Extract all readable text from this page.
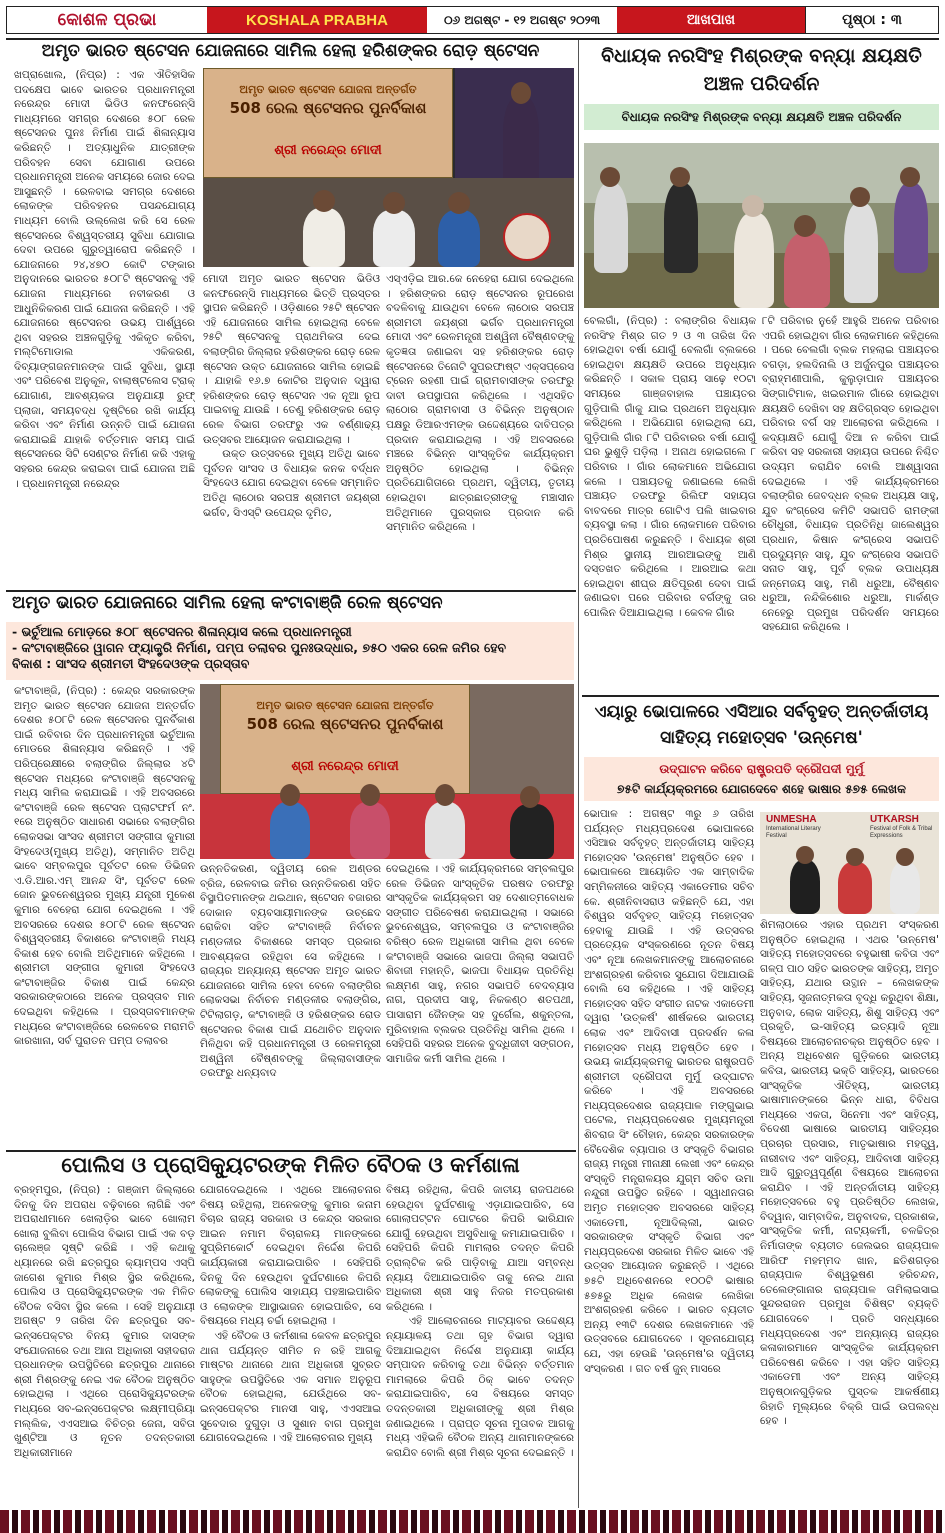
କୋଶଳ ପ୍ରଭା	KOSHALA PRABHA	୦୬ ଅଗଷ୍ଟ - ୧୨ ଅଗଷ୍ଟ ୨୦୨୩	ଆଖପାଖ	ପୃଷ୍ଠା : ୩
ଅମୃତ ଭାରତ ଷ୍ଟେସନ ଯୋଜନାରେ ସାମିଲ ହେଲା ହରିଶଙ୍କର ରୋଡ଼ ଷ୍ଟେସନ
ଖପ୍ରାଖୋଲ, (ନିପ୍ର) : ଏକ ଐତିହାସିକ ପଦକ୍ଷେପ ଭାବେ ଭାରତର ପ୍ରଧାନମନ୍ତ୍ରୀ ନରେନ୍ଦ୍ର ମୋଦୀ ଭିଡିଓ କନଫରେନ୍ସି ମାଧ୍ୟମରେ ସମଗ୍ର ଦେଶରେ ୫୦୮ ରେଳ ଷ୍ଟେସନର ପୁନଃ ନିର୍ମାଣ ପାଇଁ ଶିଳାନ୍ୟାସ କରିଛନ୍ତି । ଅତ୍ୟାଧୁନିକ ଯାତ୍ରୀଙ୍କ ପରିବହନ ସେବା ଯୋଗାଣ ଉପରେ ପ୍ରଧାନମନ୍ତ୍ରୀ ଅନେକ ସମୟରେ ଜୋର ଦେଇ ଆସୁଛନ୍ତି । ରେଳବାଇ ସମଗ୍ର ଦେଶରେ ଲୋକଙ୍କ ପରିବହନର ପସନ୍ଦଯୋଗ୍ୟ ମାଧ୍ୟମ ବୋଲି ଉଲ୍ଲେଖ କରି ସେ ରେଳ ଷ୍ଟେସନରେ ବିଶ୍ୱସ୍ତରୀୟ ସୁବିଧା ଯୋଗାଇ ଦେବା ଉପରେ ଗୁରୁତ୍ୱାରୋପ କରିଛନ୍ତି । ଯୋଜନାରେ ୨୪,୪୭୦ କୋଟି ଟଙ୍କାର ଅନୁଦାନରେ ଭାରତର ୫୦୮ଟି ଷ୍ଟେସନକୁ ଏହି ଯୋଜନା ମାଧ୍ୟମରେ ନବୀକରଣ ଓ ଆଧୁନିକିକରଣ ପାଇଁ ଯୋଜନା କରିଛନ୍ତି । ଏହି ଯୋଜନାରେ ଷ୍ଟେସନର ଉଭୟ ପାର୍ଶ୍ୱରେ ଥିବା ସହରର ଅଞ୍ଚଳଗୁଡ଼ିକୁ ଏକିକୃତ କରିବା, ମଲ୍ଟିମୋଡାଲ ଏକିକରଣ, ଦିବ୍ୟାଙ୍ଗଜନମାନଙ୍କ ପାଇଁ ସୁବିଧା, ସ୍ଥାୟୀ ଏବଂ ପରିବେଶ ଅନୁକୂଳ, ବାଲାଷ୍ଟଲେସ ଟ୍ରାକ୍ ଯୋଗାଣ, ଆବଶ୍ୟକତା ଅନୁଯାୟୀ ରୁଫ୍ ପ୍ଲାଜା, ସମୟବଦ୍ଧ ଦୃଷ୍ଟିରେ ରଖି କାର୍ଯ୍ୟ କରିବା ଏବଂ ନିର୍ମାଣ ଉନ୍ନତି ପାଇଁ ଯୋଜନା କରାଯାଇଛି ଯାହାକି ବର୍ତ୍ତମାନ ସମୟ ପାଇଁ ଷ୍ଟେସନରେ ସିଟି ସେଣ୍ଟର ନିର୍ମାଣ କରି ଏହାକୁ ସହରର କେନ୍ଦ୍ର କରାଇବା ପାଇଁ ଯୋଜନା ଅଛି । ପ୍ରଧାନମନ୍ତ୍ରୀ ନରେନ୍ଦ୍ର
ଅମୃତ ଭାରତ ଷ୍ଟେସନ ଯୋଜନା ଅନ୍ତର୍ଗତ
508 ରେଲ ଷ୍ଟେସନର ପୁନର୍ବିକାଶ
ଶ୍ରୀ ନରେନ୍ଦ୍ର ମୋଦୀ
ମୋଦୀ ଅମୃତ ଭାରତ ଷ୍ଟେସନ ଭିଡିଓ କନଫରେନ୍ସି ମାଧ୍ୟମରେ ଭିତ୍ତି ପ୍ରସ୍ତର ସ୍ଥାପନ କରିଛନ୍ତି । ଓଡ଼ିଶାରେ ୨୫ଟି ଷ୍ଟେସନ ଏହି ଯୋଜନାରେ ସାମିଲ ହୋଇଥିଲା ବେଳେ ୨୫ଟି ଷ୍ଟେସନକୁ ପ୍ରାଥମିକତା ଦେଇ ବଲାଙ୍ଗିର ଜିଲ୍ଲାର ହରିଶଙ୍କର ରୋଡ଼ ରେଳ ଷ୍ଟେସନ ଉକ୍ତ ଯୋଜନାରେ ସାମିଲ ହୋଇଛି । ଯାହାକି ୧୬.୭ କୋଟିର ଅନୁଦାନ ଦ୍ୱାରା ହରିଶଙ୍କର ରୋଡ଼ ଷ୍ଟେସନ ଏକ ନୂଆ ରୂପ ପାଇବାକୁ ଯାଉଛି । ତେଣୁ ହରିଶଙ୍କର ରୋଡ଼ ରେଳ ବିଭାଗ ତରଫରୁ ଏକ ବର୍ଣ୍ଣାଢ୍ୟ ଉତ୍ସବର ଆୟୋଜନ କରାଯାଇଥିଲା ।
ଉକ୍ତ ଉତ୍ସବରେ ମୁଖ୍ୟ ଅତିଥି ଭାବେ ପୂର୍ବତନ ସାଂସଦ ଓ ବିଧାୟକ କନକ ବର୍ଦ୍ଧନ ସିଂହଦେଓ ଯୋଗ ଦେଇଥିବା ବେଳେ ସମ୍ମାନିତ ଅତିଥି ଲାଠୋର ସରପଞ୍ଚ ଶ୍ରୀମତୀ ଜୟଶ୍ରୀ ଭର୍ଗବ, ସିଏସ୍ଟି ଉପେନ୍ଦ୍ର ଦୃମିତ,
ଏସ୍ଏଡ଼ିଇ ଆର.କେ ନେହେରା ଯୋଗ ଦେଇଥିଲେ । ହରିଶଙ୍କର ରୋଡ଼ ଷ୍ଟେସନର ରୂପରେଖ ବଦଳିବାକୁ ଯାଉଥିବା ବେଳେ ଲାଠୋର ସରପଞ୍ଚ ଶ୍ରୀମତୀ ଜୟଶ୍ରୀ ଭର୍ଗବ ପ୍ରଧାନମନ୍ତ୍ରୀ ମୋଦୀ ଏବଂ ରେଳମନ୍ତ୍ରୀ ଅଶ୍ୱିନୀ ବୈଷ୍ଣବଙ୍କୁ କୃତଜ୍ଞତା ଜଣାଇବା ସହ ହରିଶଙ୍କର ରୋଡ଼ ଷ୍ଟେସନରେ ତିନୋଟି ସୁପରଫାଷ୍ଟ ଏକ୍ସପ୍ରେସ ଟ୍ରେନ ରହଣୀ ପାଇଁ ଗ୍ରାମବାସୀଙ୍କ ତରଫରୁ ଦାବୀ ଉପସ୍ଥାପନା କରିଥିଲେ । ଏଥିସହିତ ଲାଠୋର ଗ୍ରାମବାସୀ ଓ ବିଭିନ୍ନ ଅନୁଷ୍ଠାନ ପକ୍ଷରୁ ଡିଆରଏମଙ୍କ ଉଦ୍ଦେଶ୍ୟରେ ଦାବିପତ୍ର ପ୍ରଦାନ କରାଯାଇଥିଲା । ଏହି ଅବସରରେ ମଞ୍ଚରେ ବିଭିନ୍ନ ସାଂସ୍କୃତିକ କାର୍ଯ୍ୟକ୍ରମ ଅନୁଷ୍ଠିତ ହୋଇଥିଲା । ବିଭିନ୍ନ ପ୍ରତିଯୋଗିତାରେ ପ୍ରଥମ, ଦ୍ୱିତୀୟ, ତୃତୀୟ ହୋଇଥିବା ଛାତ୍ରଛାତ୍ରୀଙ୍କୁ ମଞ୍ଚାସୀନ ଅତିଥିମାନେ ପୁରସ୍କାର ପ୍ରଦାନ କରି ସମ୍ମାନିତ କରିଥିଲେ ।
ଅମୃତ ଭାରତ ଯୋଜନାରେ ସାମିଲ ହେଲା କଂଟାବାଞ୍ଜି ରେଳ ଷ୍ଟେସନ
- ଭର୍ଚୁଆଲ ମୋଡ଼ରେ ୫୦୮ ଷ୍ଟେସନର ଶିଳାନ୍ୟାସ କଲେ ପ୍ରଧାନମନ୍ତ୍ରୀ
- କଂଟାବାଞ୍ଜିରେ ୱାଗନ ଫ୍ୟାକ୍ଟ୍ରି ନିର୍ମାଣ, ପମ୍ପ ତଲାବର ପୁନଃଉଦ୍ଧାର, ୭୫୦ ଏକର ରେଳ ଜମିର ହେବ
ବିକାଶ : ସାଂସଦ ଶ୍ରୀମତୀ ସିଂହଦେଓଙ୍କ ପ୍ରସ୍ତାବ
କଂଟାବାଞ୍ଜି, (ନିପ୍ର) : କେନ୍ଦ୍ର ସରକାରଙ୍କ ଅମୃତ ଭାରତ ଷ୍ଟେସନ ଯୋଜନା ଅନ୍ତର୍ଗତ ଦେଶର ୫୦୮ଟି ରେଳ ଷ୍ଟେସନର ପୁନର୍ବିକାଶ ପାଇଁ ରବିବାର ଦିନ ପ୍ରଧାନମନ୍ତ୍ରୀ ଭର୍ଚୁଆଲ ମୋଡରେ ଶିଳାନ୍ୟାସ କରିଛନ୍ତି । ଏହି ପରିପ୍ରେକ୍ଷୀରେ ବଲାଙ୍ଗିର ଜିଲ୍ଲାର ୪ଟି ଷ୍ଟେସନ ମଧ୍ୟରେ କଂଟାବାଞ୍ଜି ଷ୍ଟେସନକୁ ମଧ୍ୟ ସାମିଲ କରାଯାଇଛି । ଏହି ଅବସରରେ କଂଟାବାଞ୍ଜି ରେଳ ଷ୍ଟେସନ ପ୍ଲାଟଫର୍ମ ନଂ. ୧ରେ ଅନୁଷ୍ଠିତ ସାଧାରଣ ସଭାରେ ବଲାଙ୍ଗିର ଲୋକସଭା ସାଂସଦ ଶ୍ରୀମତୀ ସଙ୍ଗୀତା କୁମାରୀ ସିଂହଦେଓ(ମୁଖ୍ୟ ଅତିଥି), ସମ୍ମାନିତ ଅତିଥି ଭାବେ ସମ୍ବଲପୁର ପୂର୍ବତଟ ରେଳ ଡିଭିଜନ ଏ.ଡି.ଆର.ଏମ୍ ଆନନ୍ଦ ସିଂ, ପୂର୍ବତଟ ରେଳ ଜୋନ ଭୁବନେଶ୍ୱରର ମୁଖ୍ୟ ଯନ୍ତ୍ରୀ ମୁକେଶ କୁମାର ବେହେରା ଯୋଗ ଦେଇଥିଲେ । ଏହି ଅବସରରେ ଦେଶର ୫୦୮ଟି ରେଳ ଷ୍ଟେସନ ବିଶ୍ୱସ୍ତରୀୟ ବିକାଶରେ କଂଟାବାଞ୍ଜି ମଧ୍ୟ ବିକାଶ ହେବ ବୋଲି ଅତିଥିମାନେ କହିଥିଲେ । ଶ୍ରୀମତୀ ସଙ୍ଗୀତା କୁମାରୀ ସିଂହଦେଓ କଂଟାବାଞ୍ଜିର ବିକାଶ ପାଇଁ କେନ୍ଦ୍ର ସରକାରଙ୍କଠାରେ ଅନେକ ପ୍ରସ୍ତାବ ମାନ ଦେଇଥିବା କହିଥିଲେ । ପ୍ରସ୍ତାବମାନଙ୍କ ମଧ୍ୟରେ କଂଟାବାଞ୍ଜିରେ ରେଳବେର ମରାମତି କାରଖାନା, ସର୍ବ ପୁରାତନ ପମ୍ପ ତଲାବର
ଅମୃତ ଭାରତ ଷ୍ଟେସନ ଯୋଜନା ଅନ୍ତର୍ଗତ
508 ରେଲ ଷ୍ଟେସନର ପୁନର୍ବିକାଶ
ଶ୍ରୀ ନରେନ୍ଦ୍ର ମୋଦୀ
ଉନ୍ନତିକରଣ, ଦ୍ୱିତୀୟ ରେଳ ଅଣ୍ଡର ବ୍ରିଜ, ରେଳବାଇ ଜମିର ଉନ୍ନତିକରଣ ସହିତ ବିସ୍ଥାପିତମାନଙ୍କ ଥଇଥାନ, ଷ୍ଟେସନ ବଜାରର ଦୋକାନ ବ୍ୟବସାୟୀମାନଙ୍କ ଉଚ୍ଛେଦ ରୋକିବା ସହିତ କଂଟାବାଞ୍ଜି ନିର୍ବାଚନ ମଣ୍ଡଳୀର ବିକାଶରେ ସମସ୍ତ ପ୍ରକାର ଆବଶ୍ୟକତା ରହିଥିବା ସେ କହିଥିଲେ । ରାଜ୍ୟର ଅନ୍ୟାନ୍ୟ ଷ୍ଟେସନ ଅମୃତ ଭାରତ ଯୋଜନାରେ ସାମିଲ ହେବା ବେଳେ ବଲାଙ୍ଗିର ଲୋକସଭା ନିର୍ବାଚନ ମଣ୍ଡଳୀର ବଲାଙ୍ଗିର, ଟିଟିଲାଗଡ଼, କଂଟାବାଞ୍ଜି ଓ ହରିଶଙ୍କର ରୋଡ ଷ୍ଟେସନର ବିକାଶ ପାଇଁ ଯଥୋଚିତ ଅନୁଦାନ ମିଳିଥିବା କହି ପ୍ରଧାନମନ୍ତ୍ରୀ ଓ ରେଳମନ୍ତ୍ରୀ ଅଶ୍ୱିନୀ ବୈଷ୍ଣବଙ୍କୁ ଜିଲ୍ଲାବାସୀଙ୍କ ତରଫରୁ ଧନ୍ୟବାଦ
ଦେଇଥିଲେ । ଏହି କାର୍ଯ୍ୟକ୍ରମରେ ସମ୍ବଲପୁର ରେଳ ଡିଭିଜନ ସାଂସ୍କୃତିକ ପରଷଦ ତରଫରୁ ସାଂସ୍କୃତିକ କାର୍ଯ୍ୟକ୍ରମ ସହ ଦେଶାତ୍ମବୋଧକ ସଙ୍ଗୀତ ପରିବେଷଣ କରାଯାଇଥିଲା । ସଭାରେ ଭୁବନେଶ୍ୱର, ସମ୍ବଲପୁର ଓ କଂଟାବାଞ୍ଜିର ବରିଷ୍ଠ ରେଳ ଅଧିକାରୀ ସାମିଲ ଥିବା ବେଳେ କଂଟାବାଞ୍ଜି ସଭାରେ ଭାଜପା ଜିଲ୍ଲା ସଭାପତି ଶିବାଜୀ ମହାନ୍ତି, ଭାଜପା ବିଧାୟକ ପ୍ରତିନିଧି ଲକ୍ଷ୍ମଣ ସାହୁ, ନଗର ସଭାପତି ବେଦବ୍ୟାସ ନାଗ, ପ୍ରଦୀପ ସାହୁ, ନିକକଣ୍ଠ ଶତପଥୀ, ପାସାରାମ ଜୈନଙ୍କ ସହ ଦୁର୍ଗେଲ, ଶକୁନ୍ତଳା, ମୁରିବାହାଲ ବ୍ଲକର ପ୍ରତିନିଧି ସାମିଲ ଥିଲେ । ସେହିପରି ସହରର ଅନେକ ବୁଦ୍ଧିଜୀବୀ ସଙ୍ଗଠନ, ସାମାଜିକ କର୍ମୀ ସାମିଲ ଥିଲେ ।
ପୋଲିସ ଓ ପ୍ରୋସିକ୍ୟୁଟରଙ୍କ ମିଳିତ ବୈଠକ ଓ କର୍ମଶାଳା
ବ୍ରହ୍ମପୁର, (ନିପ୍ର) : ଗଞ୍ଜାମ ଜିଲ୍ଲାରେ ଦିନକୁ ଦିନ ଅପରାଧ ବଢ଼ିବାରେ ଲାଗିଛି ଏବଂ ଅପରାଧୀମାନେ ଖେଲାଡ଼ିର ଭାବେ ଖୋଲାମ ଖୋଲା ବୁଲିବା ପୋଲିସ ବିଭାଗ ପାଇଁ ଏକ ବଡ଼ ଚାଲେଞ୍ଜ ସୃଷ୍ଟି କରିଛି । ଏହି କଥାକୁ ଧ୍ୟାନରେ ରଖି ଛତ୍ରପୁର କ୍ୟାମ୍ପସ ଏସ୍ପି ଜାଗେଶ କୁମାର ମିଶ୍ର ସ୍ଥିର କରିଥିଲେ, ପୋଲିସ ଓ ପ୍ରୋସିକ୍ୟୁଟରଙ୍କ ଏକ ମିଳିତ ବୈଠକ ବସିବା ସ୍ଥିର କଲେ । ସେହି ଅନୁଯାୟୀ ଅଗଷ୍ଟ ୨ ତାରିଖ ଦିନ ଛତ୍ରପୁର ସବ-ଇନ୍ସପେକ୍ଟର ବିନୟ କୁମାର ଦାସଙ୍କ ସଂଯୋଜନାରେ ତଥା ଆନା ଅଧିକାରୀ ସହୀଦରାଜ ପ୍ରଧାନଙ୍କ ଉପସ୍ଥିତିରେ ଛତ୍ରପୁର ଥାନାରେ ଶ୍ରୀ ମିଶ୍ରଙ୍କୁ ନେଇ ଏକ ବୈଠକ ଅନୁଷ୍ଠିତ ହୋଇଥିଲା । ଏଥିରେ ପ୍ରୋସିକ୍ୟୁଟରଙ୍କ ମଧ୍ୟରେ ସବ-ଇନ୍ସପେକ୍ଟର ଲକ୍ଷ୍ମୀପ୍ରିୟା ମଲ୍ଲିକ, ଏଏସଆଇ ବିଚିତ୍ର ଜେନା, ସବିତା ଖୁଣ୍ଟିଆ ଓ ନୂତନ ତଦନ୍ତକାରୀ ଅଧିକାରୀମାନେ
ଯୋଗଦେଇଥିଲେ । ଏଥିରେ ଆଲୋଚନାର ବିଷୟ ରହିଥିଲା, ଅନେକଙ୍କୁ କୁମାର କନାମ ବିଚାର ରାଜ୍ୟ ସରକାର ଓ କେନ୍ଦ୍ର ସରକାର ଆଇନ ନମାମ ବିଚାରାଳୟ ମାନଙ୍କରେ ସୁପ୍ରିମକୋର୍ଟ ଦେଇଥିବା ନିର୍ଦ୍ଦେଶ କିପରି କାର୍ଯ୍ୟକାରୀ କରାଯାଇପାରିବ । ସେହିପରି ଦିନକୁ ଦିନ ହେଉଥିବା ଦୁର୍ଘଟଣାରେ କିପରି ଲୋକଙ୍କୁ ପୋଲିସ ସାହାଯ୍ୟ ପହଞ୍ଚାଇପାରିବ ଓ ଲୋକଙ୍କ ଆସ୍ଥାଭାଜନ ହୋଇପାରିବ, ସେ ବିଷୟରେ ମଧ୍ୟ ଚର୍ଚ୍ଚା ହୋଇଥିଲା ।
ଏହି ବୈଠକ ଓ କର୍ମଶାଳା କେବଳ ଛତ୍ରପୁର ଥାନା ପର୍ଯ୍ୟନ୍ତ ସୀମିତ ନ ରହି ଆଗକୁ ମାଷ୍ଟର ଥାନାରେ ଥାନା ଅଧିକାରୀ ସୁବ୍ରତ ସାହୁଙ୍କ ଉପସ୍ଥିତିରେ ଏକ ସମାନ ଅନୁରୂପ ବୈଠକ ହୋଇଥିଲା, ଯେଉଁଥିରେ ସବ-ଇନ୍ସପେକ୍ଟର ମାନସୀ ସାହୁ, ଏଏସଆଇ ସୁବେଦାର ଦୁଗୁଡ଼ା ଓ ସୁଶାନ ବାଗ ପ୍ରମୁଖ ଯୋଗଦେଇଥିଲେ । ଏହି ଆଲୋଚନାର ମୁଖ୍ୟ
ବିଷୟ ରହିଥିଲା, କିପରି ଜାତୀୟ ରାଜପଥରେ ହେଉଥିବା ଦୁର୍ଘଟଣାକୁ ଏଡ଼ାଯାଇପାରିବ, ସେ ଗୋଲାପଟ୍ଟନ ପୋଟରେ କିପରି ଭାରିଯାନ ଯୋଗୁଁ ହେଉଥିବା ଅସୁବିଧାକୁ କମାଯାଇପାରିବ । ସେହିପରି କିପରି ମାମଲାର ତଦନ୍ତ କିପରି ତ୍ରାଲ୍ଟିକ କରି ପାଡ଼ିବାକୁ ଯାଆ ସମ୍ବନ୍ଧ ନ୍ୟାୟ ଦିଆଯାଇପାରିବ ତାକୁ ନେଇ ଥାନା ଅଧିକାରୀ ଶ୍ରୀ ସାହୁ ନିଜର ମତପ୍ରକାଶ କରିଥିଲେ ।
ଏହି ଆଲୋଚନାରେ ମାଟ୍ୟାବର ଉଦ୍ଦେଶ୍ୟ ନ୍ୟାୟାଳୟ ତଥା ଗୃହ ବିଭାଗ ଦ୍ୱାରା ଦିଆଯାଇଥିବା ନିର୍ଦ୍ଦେଶ ଅନୁଯାୟୀ କାର୍ଯ୍ୟ ସମ୍ପାଦନ କରିବାକୁ ତଥା ବିଭିନ୍ନ ବର୍ତ୍ତମାନ ମାମଲାରେ କିପରି ଠିକ୍ ଭାବେ ତଦନ୍ତ କରାଯାଇପାରିବ, ସେ ବିଷୟରେ ସମସ୍ତ ତଦନ୍ତକାରୀ ଅଧିକାରୀଙ୍କୁ ଶ୍ରୀ ମିଶ୍ର ଜଣାଇଥିଲେ । ପ୍ରାପ୍ତ ସୂଚନା ମୁତାବକ ଆଗକୁ ମଧ୍ୟ ଏହିଭଳି ବୈଠକ ଅନ୍ୟ ଥାନାମାନଙ୍କରେ କରାଯିବ ବୋଲି ଶ୍ରୀ ମିଶ୍ର ସୂଚନା ଦେଇଛନ୍ତି ।
ବିଧାୟକ ନରସିଂହ ମିଶ୍ରଙ୍କ ବନ୍ୟା କ୍ଷୟକ୍ଷତି ଅଞ୍ଚଳ ପରିଦର୍ଶନ
ବିଧାୟକ ନରସିଂହ ମିଶ୍ରଙ୍କ ବନ୍ୟା କ୍ଷୟକ୍ଷତି ଅଞ୍ଚଳ ପରିଦର୍ଶନ
ବେଲଗାଁ, (ନିପ୍ର) : ବଲାଙ୍ଗିର ବିଧାୟକ ନରସିଂହ ମିଶ୍ର ଗତ ୨ ଓ ୩ ତାରିଖ ଦିନ ହୋଇଥିବା ବର୍ଷା ଯୋଗୁଁ ବେଲଗାଁ ବ୍ଲକରେ ହୋଇଥିବା କ୍ଷୟକ୍ଷତି ଉପରେ ଅନୁଧ୍ୟାନ କରିଛନ୍ତି । ସକାଳ ପ୍ରାୟ ସାଢ଼େ ୧୦ଟା ସମୟରେ ଗାଞ୍ଜବାହାଲ ପଞ୍ଚାୟତର ଗୁଡ଼ିପାଲି ଗାଁକୁ ଯାଇ ପ୍ରଥମେ ଅନୁଧ୍ୟାନ କରିଥିଲେ । ଅଭିଯୋଗ ହୋଇଥିଲା ଯେ, ଗୁଡ଼ିପାଲି ଗାଁର ୮ଟି ପରିବାରର ବର୍ଷା ଯୋଗୁଁ ଘର ଭୁଶୁଡ଼ି ପଡ଼ିଲା । ଅନାଥ ହୋଇଗଲେ ୮ ପରିବାର । ଗାଁର ଲୋକମାନେ ଅଭିଯୋଗ କଲେ । ପଞ୍ଚାୟତକୁ ଜଣାଇଲେ ଲେଖି ପଞ୍ଚାୟତ ତରଫରୁ ରିଲିଫ ସହାୟତା ବାବଦରେ ମାତ୍ର ଗୋଟିଏ ପଲି ଖାଇବାର ବ୍ୟବସ୍ଥା କଲା । ଗାଁର ଲୋକମାନେ ପରିବାର ପ୍ରତିପୋଷଣ କରୁଛନ୍ତି । ବିଧାୟକ ଶ୍ରୀ ମିଶ୍ର ସ୍ଥାନୀୟ ଆରଆଇଙ୍କୁ ଆଣି ଦସ୍ତଖତ କରିଥିଲେ । ଆରଆଇ କଥା ହୋଇଥିବା ଶୀଘ୍ର କ୍ଷତିପୂରଣ ଦେବା ପାଇଁ ଜଣାଇବା ପରେ ପରିବାର ବର୍ଗଙ୍କୁ ତାର ପୋଲିନ ଦିଆଯାଇଥିଲା । କେବଳ ଗାଁର
୮ଟି ପରିବାର ନୁହେଁ ଆହୁରି ଅନେକ ପରିବାର ଏପରି ହୋଇଥିବା ଗାଁର ଲୋକମାନେ କହିଥିଲେ । ପରେ ବେଲଗାଁ ବ୍ଲକ ମହଲାଇ ପଞ୍ଚାୟତର ବଗଡ଼ା, ହଲଦିନାଲି ଓ ଅର୍ଜୁନପୁର ପଞ୍ଚାୟତର ବ୍ରାହ୍ମଣୀପାଲି, କୁଲୁଡ଼ାପାନ ପଞ୍ଚାୟତର ସିଙ୍ଗାଟିମାଳ, ଖଇରମାଳ ଗାଁରେ ହୋଇଥିବା କ୍ଷୟକ୍ଷତି ଦେଖିବା ସହ କ୍ଷତିଗ୍ରସ୍ତ ହୋଇଥିବା ପରିବାର ବର୍ଗ ସହ ଆଲୋଚନା କରିଥିଲେ । କଦ୍ୟାକ୍ଷତି ଯୋଗୁଁ ଦିଆ ନ କରିବା ପାଇଁ କରିବା ସହ ସରକାରୀ ସହାୟତା ଉପରେ ନିଶ୍ଚିତ ଉଦ୍ୟମ କରାଯିବ ବୋଲି ଆଶ୍ୱାସନା ଦେଇଥିଲେ । ଏହି କାର୍ଯ୍ୟକ୍ରମରେ ବଲାଙ୍ଗିର ଜେବଦ୍ଧନ ବ୍ଲକ ଅଧ୍ୟକ୍ଷ ସାହୁ, ଯୁବ କଂଗ୍ରେସ କମିଟି ସଭାପତି ରାମଙ୍କୀ ଚୌଧୁରୀ, ବିଧାୟକ ପ୍ରତିନିଧି ଜାଲେଶ୍ୱର ପ୍ରଧାନ, କିଷାନ କଂଗ୍ରେସ ସଭାପତି ପ୍ରଦ୍ୟୁମ୍ନ ସାହୁ, ଯୁବ କଂଗ୍ରେସ ସଭାପତି ସନାତ ସାହୁ, ପୂର୍ବ ବ୍ଲକ ଉପାଧ୍ୟକ୍ଷ ଜନ୍ମେଜୟ ସାହୁ, ମଣି ଧରୁଆ, ବୈଷ୍ଣବ ଧରୁଆ, ନନ୍ଦିକିଶୋର ଧରୁଆ, ମାର୍କଣ୍ଡ ନେହେରୁ ପ୍ରମୁଖ ପରିଦର୍ଶନ ସମୟରେ ସହଯୋଗ କରିଥିଲେ ।
ଏୟାରୁ ଭୋପାଳରେ ଏସିଆର ସର୍ବବୃହତ୍ ଅନ୍ତର୍ଜାତୀୟ ସାହିତ୍ୟ ମହୋତ୍ସବ 'ଉନ୍ମେଷ'
ଉଦ୍‌ଘାଟନ କରିବେ ରାଷ୍ଟ୍ରପତି ଦ୍ରୌପଦୀ ମୁର୍ମୁ
୭୫ଟି କାର୍ଯ୍ୟକ୍ରମରେ ଯୋଗଦେବେ ଶହେ ଭାଷାର ୫୭୫ ଲେଖକ
UNMESHA
International Literary Festival
UTKARSH
Festival of Folk & Tribal Expressions
ଭୋପାଳ : ଅଗଷ୍ଟ ୩ରୁ ୬ ତାରିଖ ପର୍ଯ୍ୟନ୍ତ ମଧ୍ୟପ୍ରଦେଶ ଭୋପାଳରେ ଏସିଆର ସର୍ବବୃହତ୍ ଅନ୍ତର୍ଜାତୀୟ ସାହିତ୍ୟ ମହୋତ୍ସବ 'ଉନ୍ମେଷ' ଅନୁଷ୍ଠିତ ହେବ । ଭୋପାଳରେ ଆୟୋଜିତ ଏକ ସାମ୍ବାଦିକ ସମ୍ମିଳନୀରେ ସାହିତ୍ୟ ଏକାଡେମୀର ସଚିବ କେ. ଶ୍ରୀନିବାସରାଓ କହିଛନ୍ତି ଯେ, ଏହା ବିଶ୍ୱର ସର୍ବବୃହତ୍ ସାହିତ୍ୟ ମହୋତ୍ସବ ହେବାକୁ ଯାଉଛି । ଏହି ଉତ୍ସବର ପ୍ରତ୍ୟେକ ସଂସ୍କରଣରେ ନୂତନ ବିଷୟ ଏବଂ ନୂଆ ଲେଖକମାନଙ୍କୁ ଆଲୋଚନାରେ ଅଂଶଗ୍ରହଣ କରିବାର ସୁଯୋଗ ଦିଆଯାଉଛି ବୋଲି ସେ କହିଥିଲେ । ଏହି ସାହିତ୍ୟ ମହୋତ୍ସବ ସହିତ ସଂଗୀତ ନାଟକ ଏକାଡେମୀ ଦ୍ୱାରା 'ଉତ୍କର୍ଷ' ଶୀର୍ଷକରେ ଭାରତୀୟ ଲୋକ ଏବଂ ଆଦିବାସୀ ପ୍ରଦର୍ଶନ କଳା ମହୋତ୍ସବ ମଧ୍ୟ ଅନୁଷ୍ଠିତ ହେବ । ଉଭୟ କାର୍ଯ୍ୟକ୍ରମକୁ ଭାରତର ରାଷ୍ଟ୍ରପତି ଶ୍ରୀମତୀ ଦ୍ରୌପଦୀ ମୁର୍ମୁ ଉଦ୍‌ଘାଟନ କରିବେ । ଏହି ଅବସରରେ ମଧ୍ୟପ୍ରଦେଶର ରାଜ୍ୟପାଳ ମଙ୍ଗୁଭାଇ ପଟେଲ, ମଧ୍ୟପ୍ରଦେଶର ମୁଖ୍ୟମନ୍ତ୍ରୀ ଶିବରାଜ ସିଂ ଚୌହାନ, କେନ୍ଦ୍ର ସରକାରଙ୍କ ବୈଦେଶିକ ବ୍ୟାପାର ଓ ସଂସ୍କୃତି ବିଭାଗର ରାଜ୍ୟ ମନ୍ତ୍ରୀ ମୀନାକ୍ଷୀ ଲେଖୀ ଏବଂ କେନ୍ଦ୍ର ସଂସ୍କୃତି ମନ୍ତ୍ରାଳୟର ଯୁଗ୍ମ ସଚିବ ଉମା ନନ୍ଦୁରୀ ଉପସ୍ଥିତ ରହିବେ । ସ୍ୱାଧୀନତାର ଅମୃତ ମହୋତ୍ସବ ଅବସରରେ ସାହିତ୍ୟ ଏକାଡେମୀ, ନୂଆଦିଲ୍ଲୀ, ଭାରତ ସରକାରଙ୍କ ସଂସ୍କୃତି ବିଭାଗ ଏବଂ ମଧ୍ୟପ୍ରଦେଶ ସରକାର ମିଳିତ ଭାବେ ଏହି ଉତ୍ସବ ଆୟୋଜନ କରୁଛନ୍ତି । ଏଥିରେ ୭୫ଟି ଅଧିବେଶନରେ ୧୦୦ଟି ଭାଷାର ୫୭୫ରୁ ଅଧିକ ଲେଖକ ଲେଖିକା ଅଂଶଗ୍ରହଣ କରିବେ । ଭାରତ ବ୍ୟତୀତ ଅନ୍ୟ ୧୩ଟି ଦେଶର ଲେଖକମାନେ ଏହି ଉତ୍ସବରେ ଯୋଗଦେବେ । ସୂଚନାଯୋଗ୍ୟ ଯେ, ଏହା ହେଉଛି 'ଉନ୍ମେଷ'ର ଦ୍ୱିତୀୟ ସଂସ୍କରଣ । ଗତ ବର୍ଷ ଜୁନ୍ ମାସରେ
ଶିମଲାଠାରେ ଏହାର ପ୍ରଥମ ସଂସ୍କରଣ ଅନୁଷ୍ଠିତ ହୋଇଥିଲା । ଏଥର 'ଉନ୍ମେଷ' ସାହିତ୍ୟ ମହୋତ୍ସବରେ ବହୁଭାଷୀ କବିତା ଏବଂ ଗଳ୍ପ ପାଠ ସହିତ ଭାରତଙ୍କ ସାହିତ୍ୟ, ଅମୃତ ସାହିତ୍ୟ, ଯଥାର ଉତ୍ଥାନ – ଲେଖକଙ୍କ ସାହିତ୍ୟ, ସୃଜନାତ୍ମକତା ବୃଦ୍ଧି କରୁଥିବା ଶିକ୍ଷା, ଅନୁବାଦ, ଲୋକ ସାହିତ୍ୟ, ଶିଶୁ ସାହିତ୍ୟ ଏବଂ ପ୍ରକୃତି, ଇ-ସାହିତ୍ୟ ଇତ୍ୟାଦି ନୂଆ ବିଷୟରେ ଆଲୋଚନାଚକ୍ର ଅନୁଷ୍ଠିତ ହେବ । ଅନ୍ୟ ଅଧିବେଶନ ଗୁଡ଼ିକରେ ଭାରତୀୟ କବିତା, ଭାରତୀୟ ଭକ୍ତି ସାହିତ୍ୟ, ଭାରତରେ ସାଂସ୍କୃତିକ ଐତିହ୍ୟ, ଭାରତୀୟ ଭାଷାମାନଙ୍କରେ ଭିନ୍ନ ଧାରା, ବିବିଧତା ମଧ୍ୟରେ ଏକତା, ସିନେମା ଏବଂ ସାହିତ୍ୟ, ବିଦେଶୀ ଭାଷାରେ ଭାରତୀୟ ସାହିତ୍ୟର ପ୍ରଚାର ପ୍ରସାର, ମାତୃଭାଷାର ମହତ୍ତ୍ୱ, ନାରୀବାଦ ଏବଂ ସାହିତ୍ୟ, ଆଦିବାସୀ ସାହିତ୍ୟ ଆଦି ଗୁରୁତ୍ୱପୂର୍ଣ୍ଣ ବିଷୟରେ ଆଲୋଚନା କରାଯିବ । ଏହି ଅନ୍ତର୍ଜାତୀୟ ସାହିତ୍ୟ ମହୋତ୍ସବରେ ବହୁ ପ୍ରତିଷ୍ଠିତ ଲେଖକ, ବିଦ୍ୱାନ, ସାମ୍ବାଦିକ, ଅନୁବାଦକ, ପ୍ରକାଶକ, ସାଂସ୍କୃତିକ କର୍ମୀ, ନାଟ୍ୟକର୍ମୀ, ଚଳଚ୍ଚିତ୍ର ନିର୍ମାତାଙ୍କ ବ୍ୟତୀତ ଜେଲଭର ରାଜ୍ୟପାଳ ଆରିଫ ମହମ୍ମଦ ଖାନ, ଛତିଶଗଡ଼ର ରାଜ୍ୟପାଳ ବିଶ୍ୱଭୂଷଣ ହରିଚନ୍ଦନ, ତେଲେଙ୍ଗାନାର ରାଜ୍ୟପାଳ ତାମିଲାଇସାଇ ସୁନ୍ଦରରାଜନ ପ୍ରମୁଖ ବିଶିଷ୍ଟ ବ୍ୟକ୍ତି ଯୋଗଦେବେ । ପ୍ରତି ସନ୍ଧ୍ୟାରେ ମଧ୍ୟପ୍ରଦେଶ ଏବଂ ଅନ୍ୟାନ୍ୟ ରାଜ୍ୟର କଳାକାରମାନେ ସାଂସ୍କୃତିକ କାର୍ଯ୍ୟକ୍ରମ ପରିବେଷଣ କରିବେ । ଏହା ସହିତ ସାହିତ୍ୟ ଏକାଡେମୀ ଏବଂ ଅନ୍ୟ ସାହିତ୍ୟ ଅନୁଷ୍ଠାନଗୁଡ଼ିକର ପୁସ୍ତକ ଆକର୍ଷଣୀୟ ରିହାତି ମୂଲ୍ୟରେ ବିକ୍ରି ପାଇଁ ଉପଲବ୍ଧ ହେବ ।
